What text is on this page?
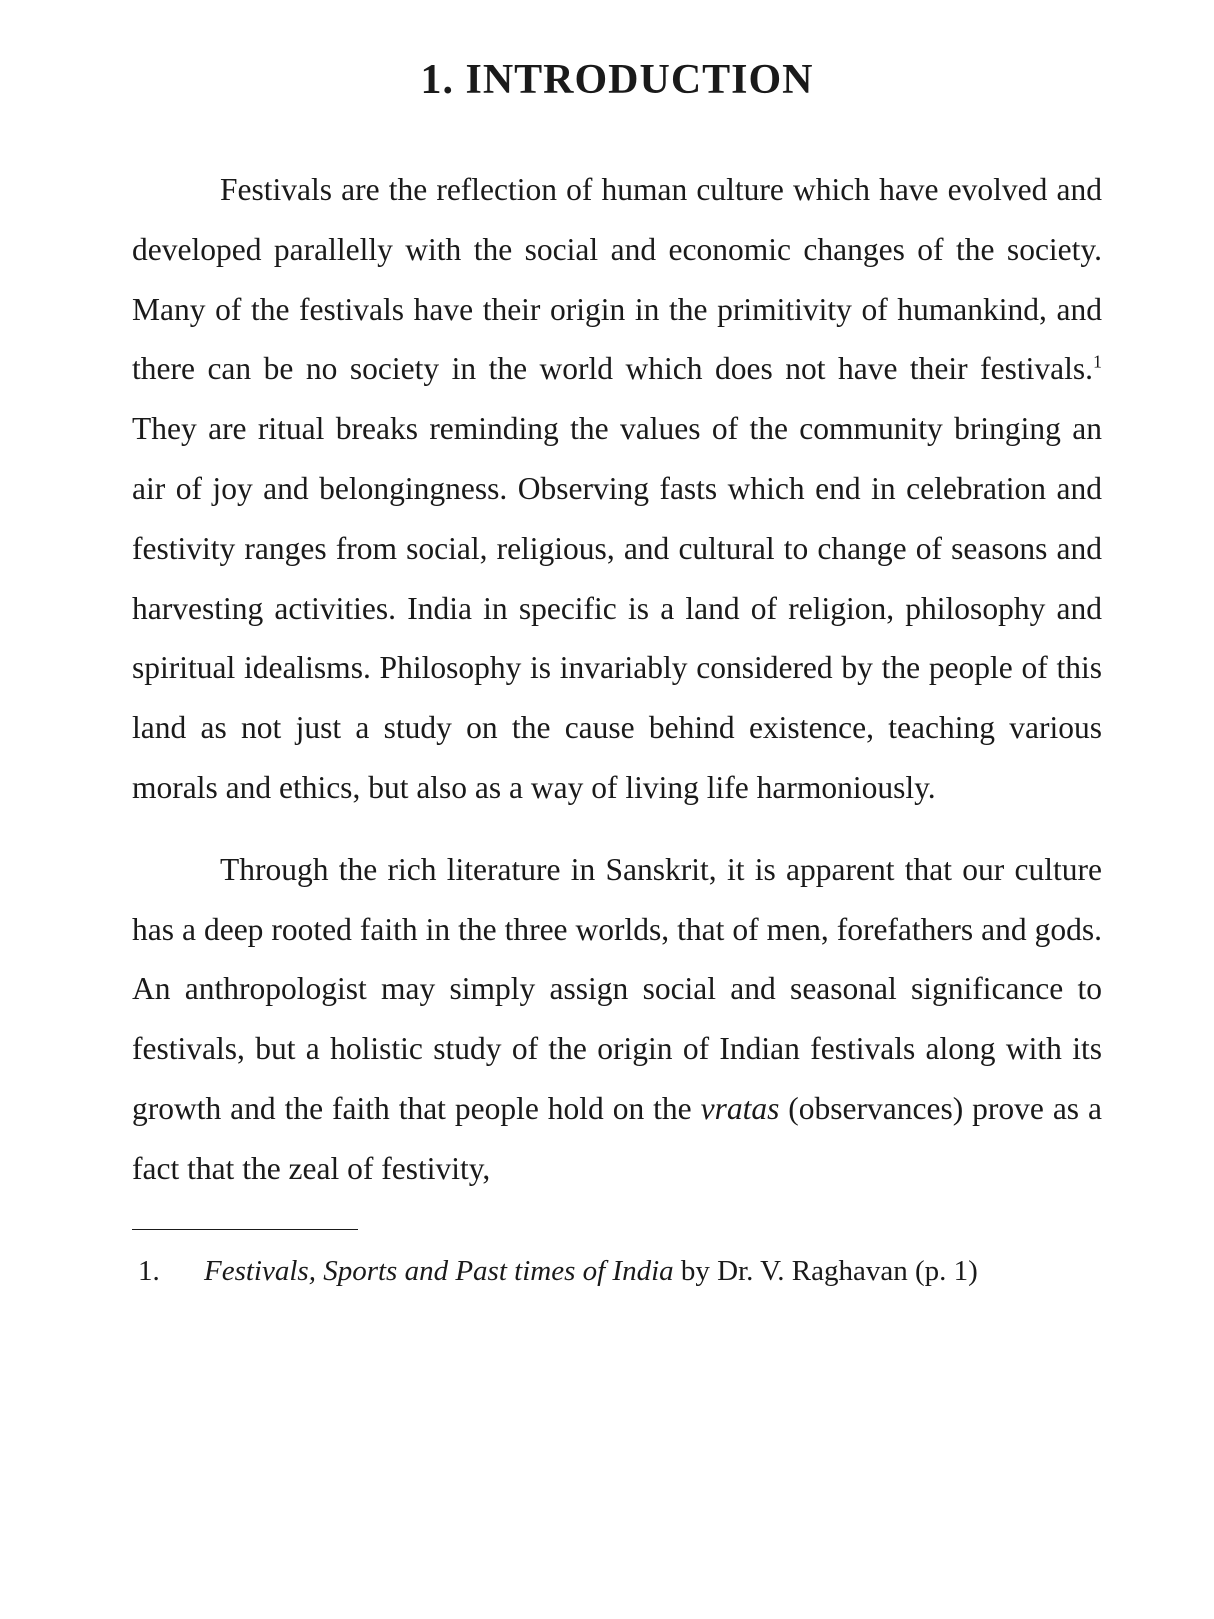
1. INTRODUCTION

Festivals are the reflection of human culture which have evolved and developed parallelly with the social and economic changes of the society. Many of the festivals have their origin in the primitivity of humankind, and there can be no society in the world which does not have their festivals.$^1$ They are ritual breaks reminding the values of the community bringing an air of joy and belongingness. Observing fasts which end in celebration and festivity ranges from social, religious, and cultural to change of seasons and harvesting activities. India in specific is a land of religion, philosophy and spiritual idealisms. Philosophy is invariably considered by the people of this land as not just a study on the cause behind existence, teaching various morals and ethics, but also as a way of living life harmoniously.

Through the rich literature in Sanskrit, it is apparent that our culture has a deep rooted faith in the three worlds, that of men, forefathers and gods. An anthropologist may simply assign social and seasonal significance to festivals, but a holistic study of the origin of Indian festivals along with its growth and the faith that people hold on the vratas (observances) prove as a fact that the zeal of festivity,

1. Festivals, Sports and Past times of India by Dr. V. Raghavan (p. 1)
